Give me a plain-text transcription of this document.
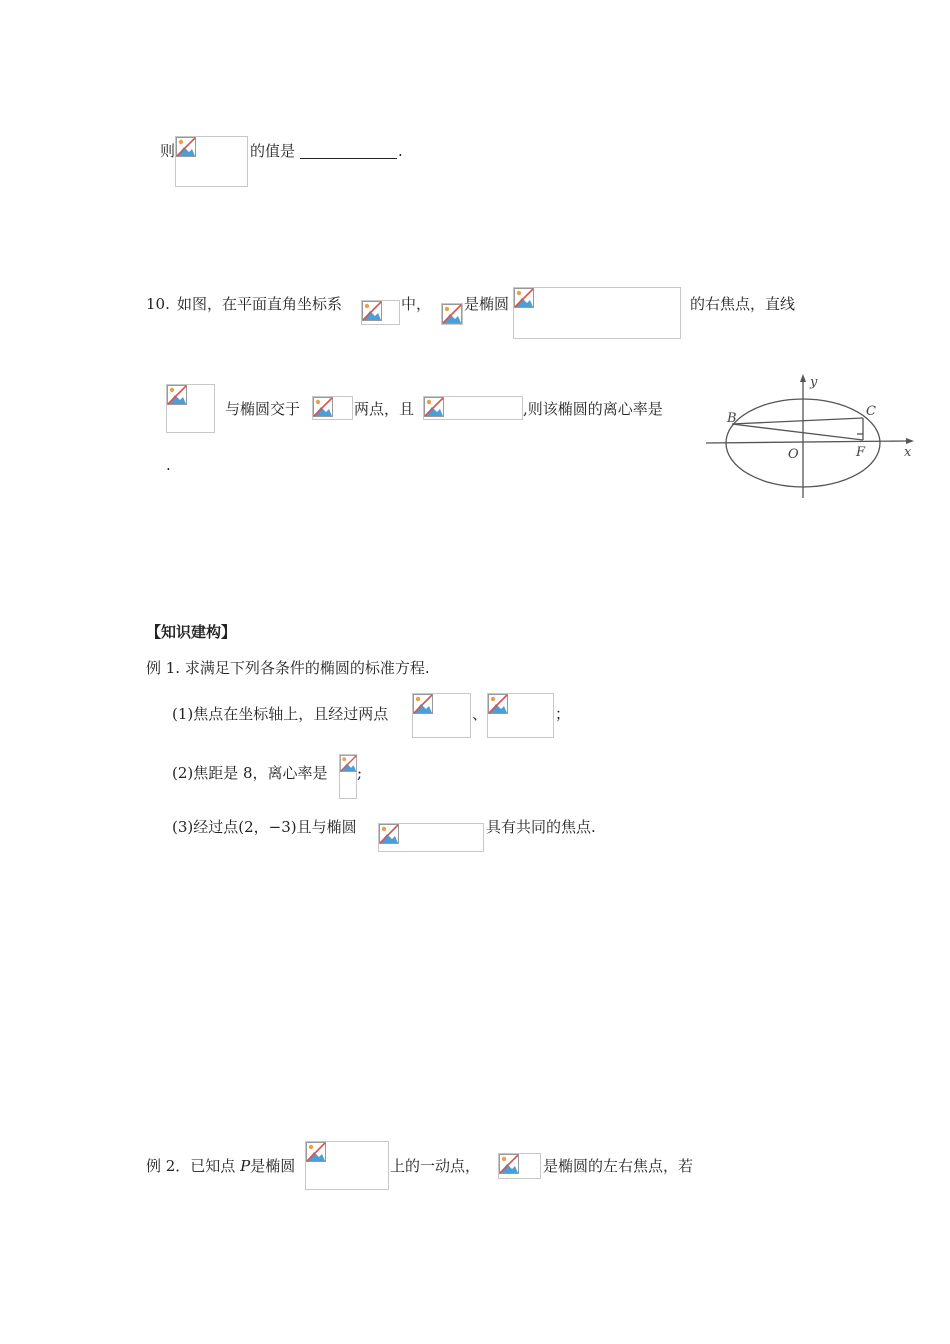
则	的值是	.
10. 如图，在平面直角坐标系	中， 是椭圆	的右焦点，直线
与椭圆交于	两点，且	,则该椭圆的离心率是
.
y
x
B	C
O	F
【知识建构】
例 1. 求满足下列各条件的椭圆的标准方程.
(1)焦点在坐标轴上，且经过两点	、	；
(2)焦距是 8，离心率是 ;
(3)经过点(2，−3)且与椭圆	具有共同的焦点.
例 2．已知点 P是椭圆	上的一动点，	是椭圆的左右焦点，若
